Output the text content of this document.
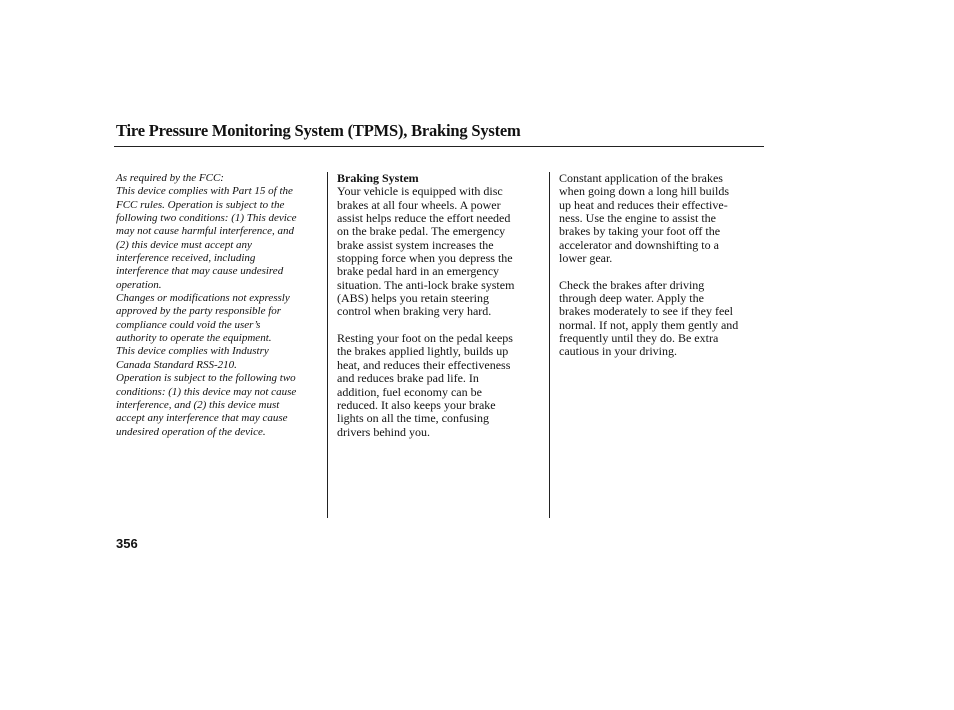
Tire Pressure Monitoring System (TPMS), Braking System
As required by the FCC:
This device complies with Part 15 of the
FCC rules. Operation is subject to the
following two conditions: (1) This device
may not cause harmful interference, and
(2) this device must accept any
interference received, including
interference that may cause undesired
operation.
Changes or modifications not expressly
approved by the party responsible for
compliance could void the user’s
authority to operate the equipment.
This device complies with Industry
Canada Standard RSS-210.
Operation is subject to the following two
conditions: (1) this device may not cause
interference, and (2) this device must
accept any interference that may cause
undesired operation of the device.
Braking System
Your vehicle is equipped with disc
brakes at all four wheels. A power
assist helps reduce the effort needed
on the brake pedal. The emergency
brake assist system increases the
stopping force when you depress the
brake pedal hard in an emergency
situation. The anti-lock brake system
(ABS) helps you retain steering
control when braking very hard.
Resting your foot on the pedal keeps
the brakes applied lightly, builds up
heat, and reduces their effectiveness
and reduces brake pad life. In
addition, fuel economy can be
reduced. It also keeps your brake
lights on all the time, confusing
drivers behind you.
Constant application of the brakes
when going down a long hill builds
up heat and reduces their effective-
ness. Use the engine to assist the
brakes by taking your foot off the
accelerator and downshifting to a
lower gear.
Check the brakes after driving
through deep water. Apply the
brakes moderately to see if they feel
normal. If not, apply them gently and
frequently until they do. Be extra
cautious in your driving.
356
